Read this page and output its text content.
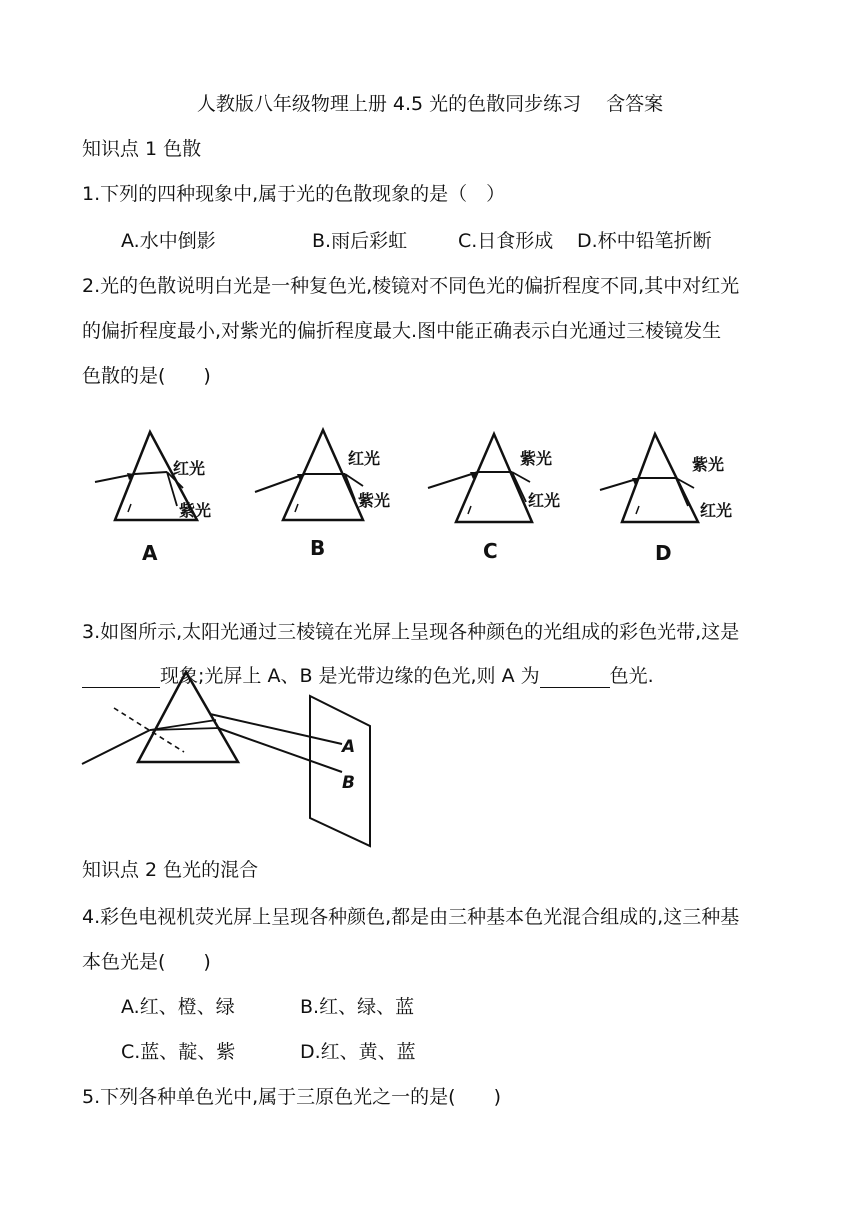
人教版八年级物理上册 4.5 光的色散同步练习　 含答案
知识点 1 色散
1.下列的四种现象中,属于光的色散现象的是（　）
A.水中倒影	B.雨后彩虹	C.日食形成 D.杯中铅笔折断
2.光的色散说明白光是一种复色光,棱镜对不同色光的偏折程度不同,其中对红光
的偏折程度最小,对紫光的偏折程度最大.图中能正确表示白光通过三棱镜发生
色散的是(　　)
红光
紫光
A
红光
紫光
B
紫光
红光
C
紫光
红光
D
3.如图所示,太阳光通过三棱镜在光屏上呈现各种颜色的光组成的彩色光带,这是
现象;光屏上 A、B 是光带边缘的色光,则 A 为	色光.
A
B
知识点 2 色光的混合
4.彩色电视机荧光屏上呈现各种颜色,都是由三种基本色光混合组成的,这三种基
本色光是(　　)
A.红、橙、绿	B.红、绿、蓝
C.蓝、靛、紫	D.红、黄、蓝
5.下列各种单色光中,属于三原色光之一的是(　　)
